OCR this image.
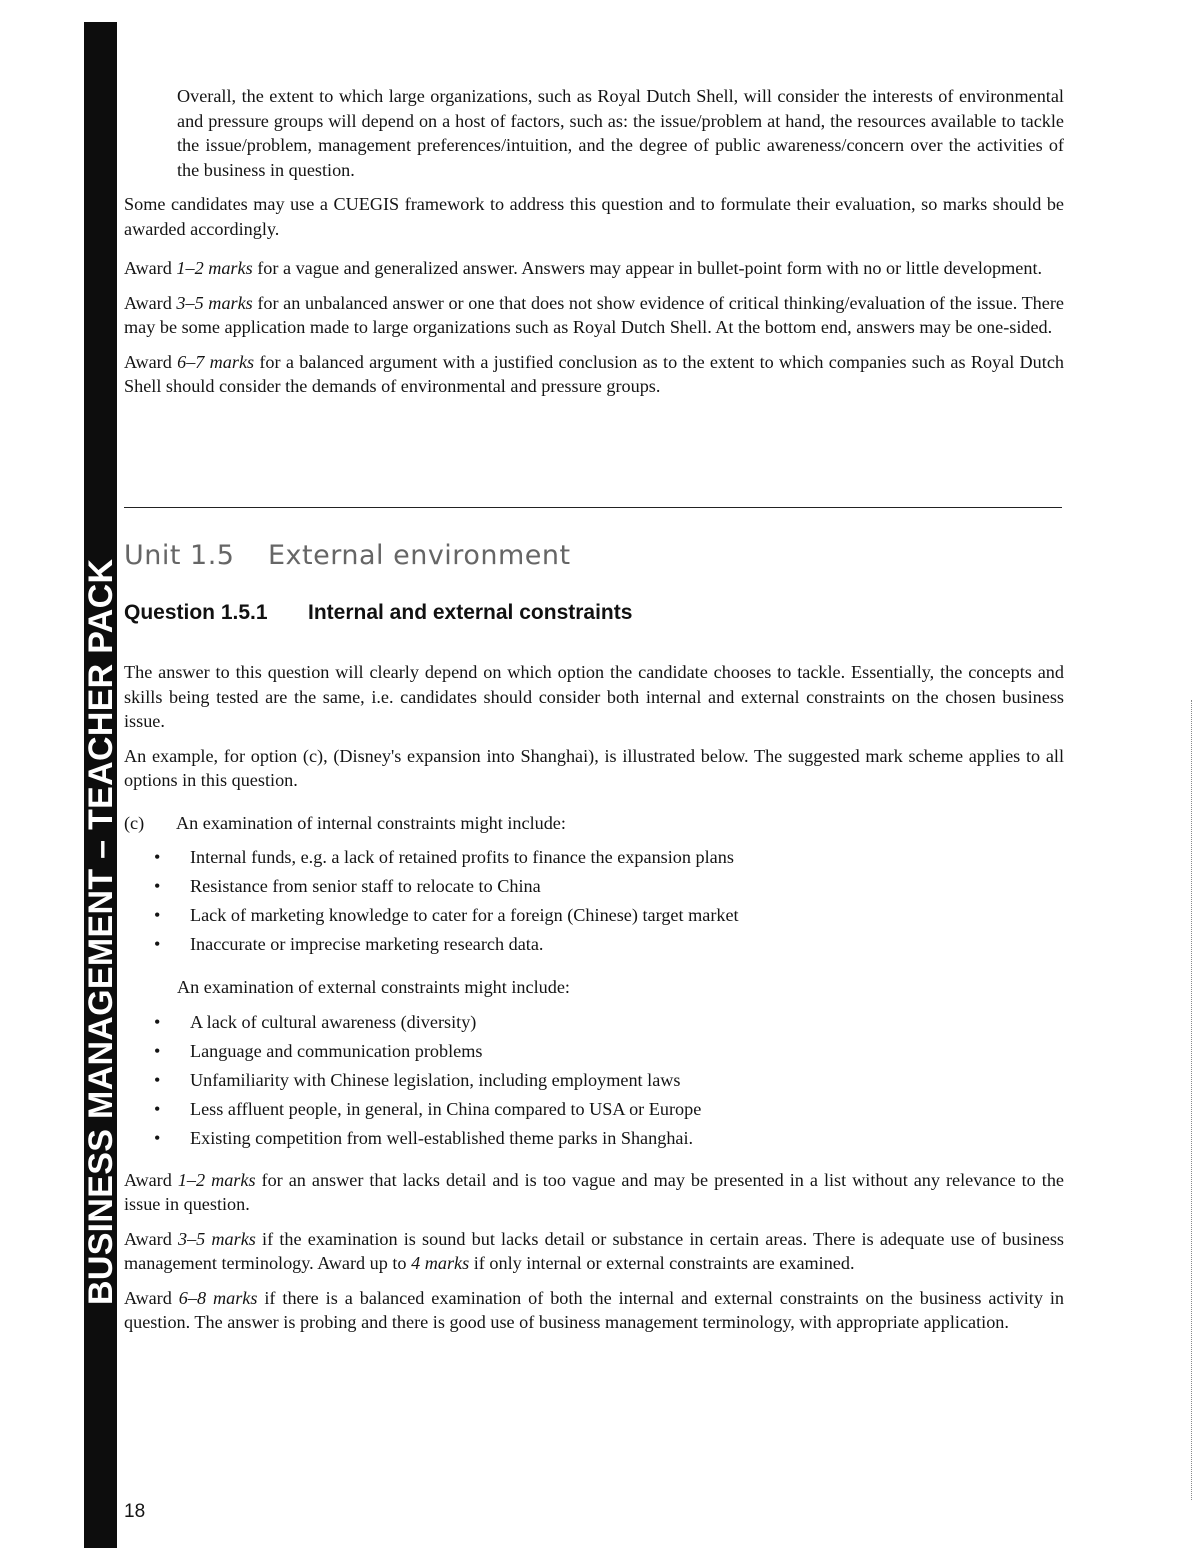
BUSINESS MANAGEMENT – TEACHER PACK

Overall, the extent to which large organizations, such as Royal Dutch Shell, will consider the interests of environmental and pressure groups will depend on a host of factors, such as: the issue/problem at hand, the resources available to tackle the issue/problem, management preferences/intuition, and the degree of public awareness/concern over the activities of the business in question.

Some candidates may use a CUEGIS framework to address this question and to formulate their evaluation, so marks should be awarded accordingly.

Award 1–2 marks for a vague and generalized answer. Answers may appear in bullet-point form with no or little development.

Award 3–5 marks for an unbalanced answer or one that does not show evidence of critical thinking/evaluation of the issue. There may be some application made to large organizations such as Royal Dutch Shell. At the bottom end, answers may be one-sided.

Award 6–7 marks for a balanced argument with a justified conclusion as to the extent to which companies such as Royal Dutch Shell should consider the demands of environmental and pressure groups.

Unit 1.5 External environment
Question 1.5.1 Internal and external constraints

The answer to this question will clearly depend on which option the candidate chooses to tackle. Essentially, the concepts and skills being tested are the same, i.e. candidates should consider both internal and external constraints on the chosen business issue.

An example, for option (c), (Disney's expansion into Shanghai), is illustrated below. The suggested mark scheme applies to all options in this question.

(c)	An examination of internal constraints might include:
• Internal funds, e.g. a lack of retained profits to finance the expansion plans
• Resistance from senior staff to relocate to China
• Lack of marketing knowledge to cater for a foreign (Chinese) target market
• Inaccurate or imprecise marketing research data.

An examination of external constraints might include:

• A lack of cultural awareness (diversity)
• Language and communication problems
• Unfamiliarity with Chinese legislation, including employment laws
• Less affluent people, in general, in China compared to USA or Europe
• Existing competition from well-established theme parks in Shanghai.

Award 1–2 marks for an answer that lacks detail and is too vague and may be presented in a list without any relevance to the issue in question.

Award 3–5 marks if the examination is sound but lacks detail or substance in certain areas. There is adequate use of business management terminology. Award up to 4 marks if only internal or external constraints are examined.

Award 6–8 marks if there is a balanced examination of both the internal and external constraints on the business activity in question. The answer is probing and there is good use of business management terminology, with appropriate application.

18
